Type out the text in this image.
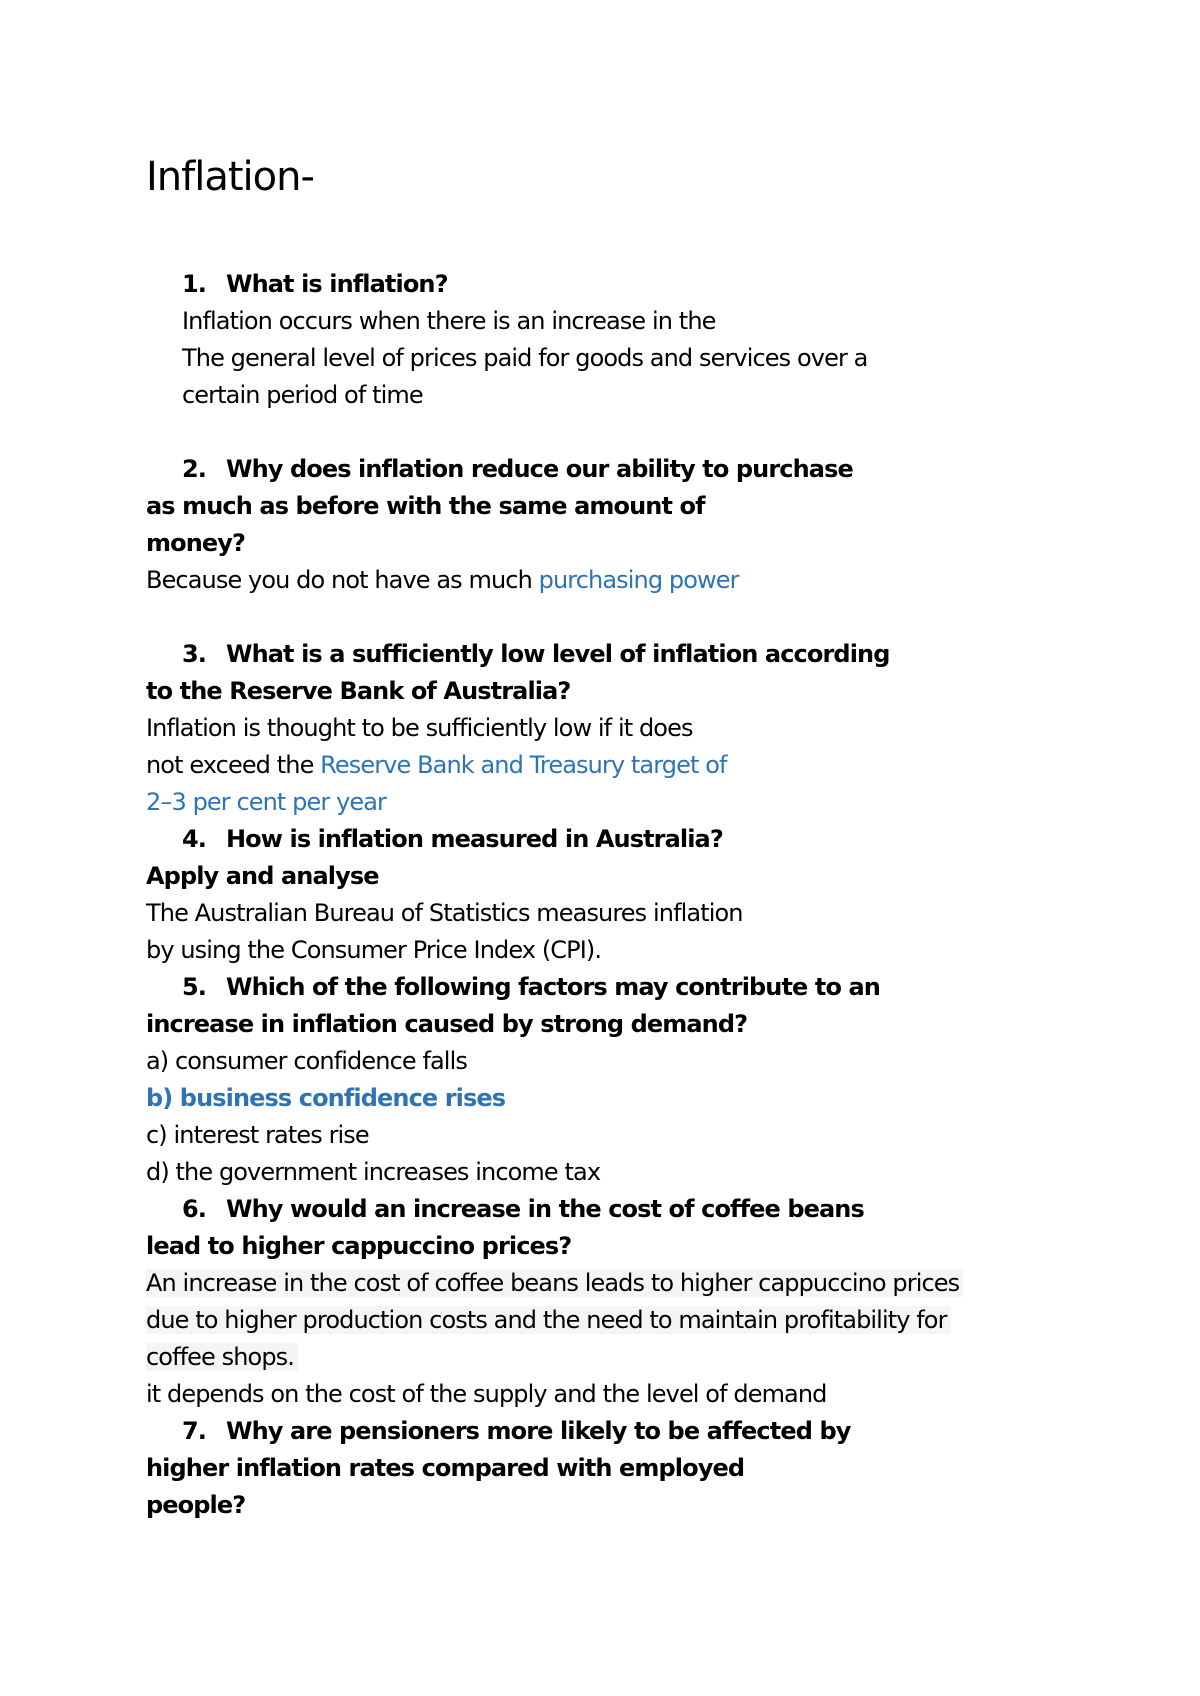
Inflation-
1. What is inflation?
Inflation occurs when there is an increase in the
The general level of prices paid for goods and services over a
certain period of time
2. Why does inflation reduce our ability to purchase
as much as before with the same amount of
money?
Because you do not have as much purchasing power
3. What is a sufficiently low level of inflation according
to the Reserve Bank of Australia?
Inflation is thought to be sufficiently low if it does
not exceed the Reserve Bank and Treasury target of
2–3 per cent per year
4. How is inflation measured in Australia?
Apply and analyse
The Australian Bureau of Statistics measures inflation
by using the Consumer Price Index (CPI).
5. Which of the following factors may contribute to an
increase in inflation caused by strong demand?
a) consumer confidence falls
b) business confidence rises
c) interest rates rise
d) the government increases income tax
6. Why would an increase in the cost of coffee beans
lead to higher cappuccino prices?
An increase in the cost of coffee beans leads to higher cappuccino prices
due to higher production costs and the need to maintain profitability for
coffee shops.
it depends on the cost of the supply and the level of demand
7. Why are pensioners more likely to be affected by
higher inflation rates compared with employed
people?
